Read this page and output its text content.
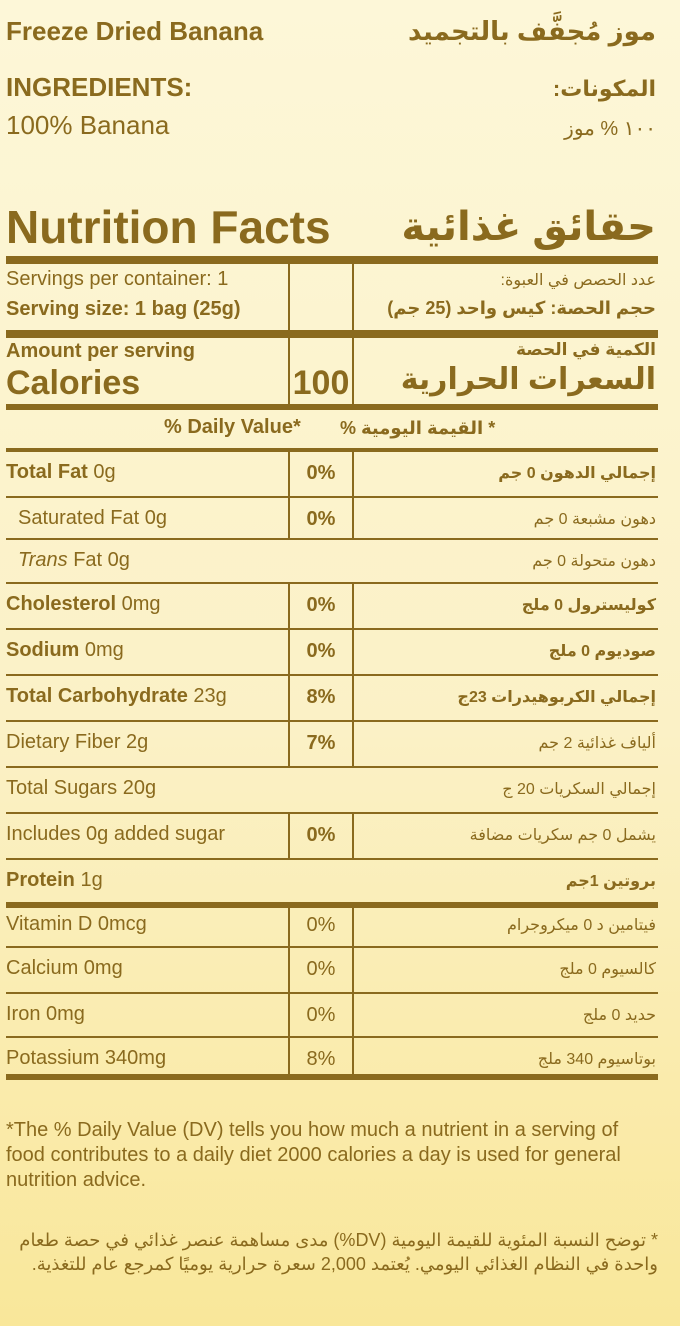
Freeze Dried Banana	موز مُجفَّف بالتجميد
INGREDIENTS:	المكونات:
100% Banana	١٠٠ % موز
Nutrition Facts حقائق غذائية
Servings per container: 1	عدد الحصص في العبوة:
Serving size: 1 bag (25g)	حجم الحصة: كيس واحد (25 جم)
Amount per serving	الكمية في الحصة
Calories	100 السعرات الحرارية
% Daily Value* * القيمة اليومية %
Total Fat 0g	0%	إجمالي الدهون 0 جم
Saturated Fat 0g	0%	دهون مشبعة 0 جم
Trans Fat 0g	دهون متحولة 0 جم
Cholesterol 0mg	0%	كوليسترول 0 ملج
Sodium 0mg	0%	صوديوم 0 ملج
Total Carbohydrate 23g	8%	إجمالي الكربوهيدرات 23ج
Dietary Fiber 2g	7%	ألياف غذائية 2 جم
Total Sugars 20g	إجمالي السكريات 20 ج
Includes 0g added sugar	0%	يشمل 0 جم سكريات مضافة
Protein 1g	بروتين 1جم
Vitamin D 0mcg	0%	فيتامين د 0 ميكروجرام
Calcium 0mg	0%	كالسيوم 0 ملج
Iron 0mg	0%	حديد 0 ملج
Potassium 340mg	8%	بوتاسيوم 340 ملج
*The % Daily Value (DV) tells you how much a nutrient in a serving of food contributes to a daily diet 2000 calories a day is used for general nutrition advice.
* توضح النسبة المئوية للقيمة اليومية (DV%) مدى مساهمة عنصر غذائي في حصة طعام واحدة في النظام الغذائي اليومي. يُعتمد 2,000 سعرة حرارية يوميًا كمرجع عام للتغذية.
